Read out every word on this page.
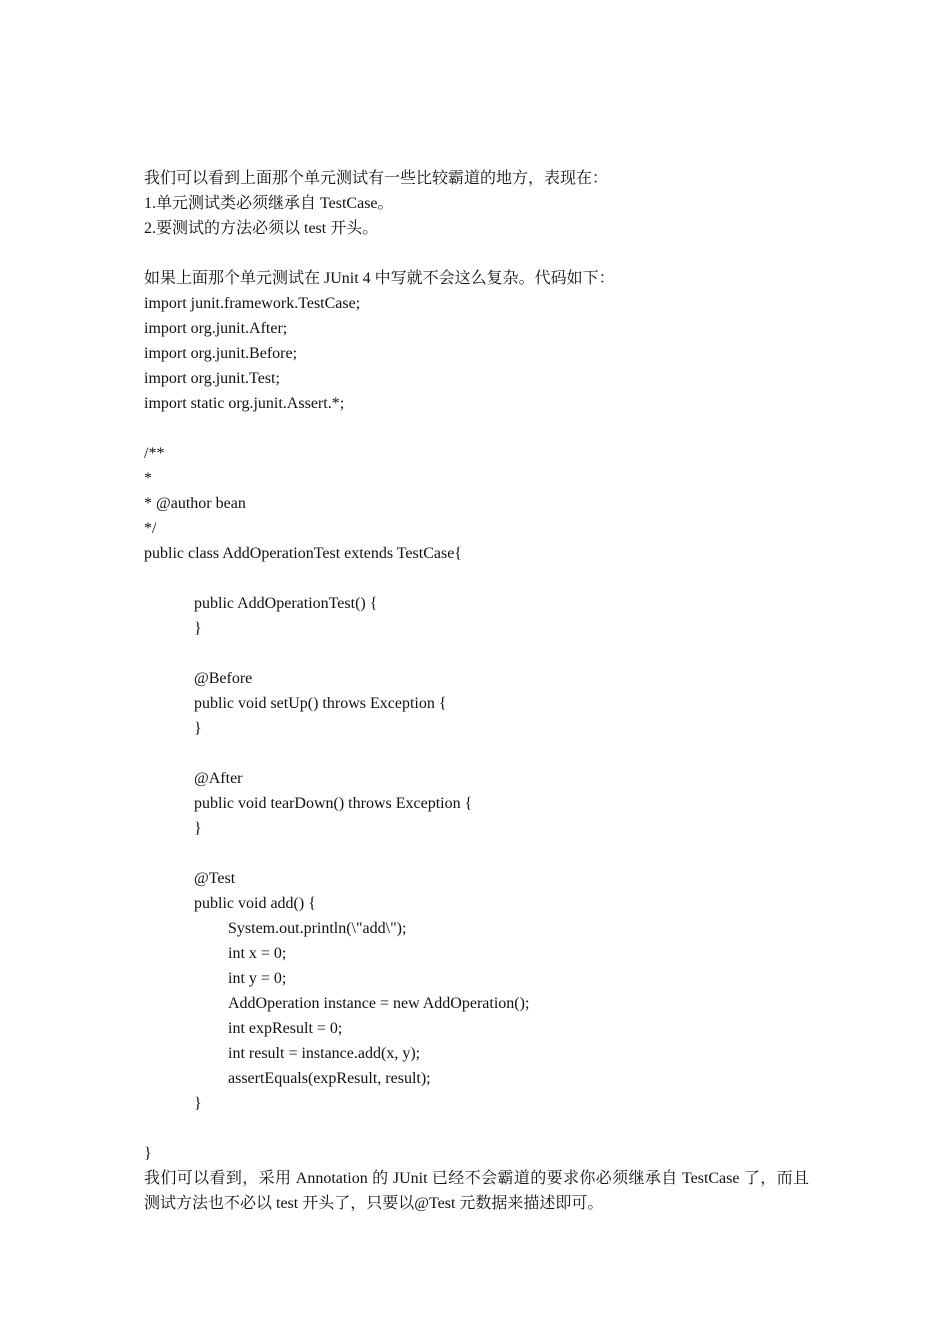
我们可以看到上面那个单元测试有一些比较霸道的地方，表现在：
1.单元测试类必须继承自 TestCase。
2.要测试的方法必须以 test 开头。
如果上面那个单元测试在 JUnit 4 中写就不会这么复杂。代码如下：
import junit.framework.TestCase;
import org.junit.After;
import org.junit.Before;
import org.junit.Test;
import static org.junit.Assert.*;
/**
*
* @author bean
*/
public class AddOperationTest extends TestCase{
public AddOperationTest() {
}
@Before
public void setUp() throws Exception {
}
@After
public void tearDown() throws Exception {
}
@Test
public void add() {
System.out.println(\"add\");
int x = 0;
int y = 0;
AddOperation instance = new AddOperation();
int expResult = 0;
int result = instance.add(x, y);
assertEquals(expResult, result);
}
}
我们可以看到，采用 Annotation 的 JUnit 已经不会霸道的要求你必须继承自 TestCase 了，而且测试方法也不必以 test 开头了，只要以@Test 元数据来描述即可。
